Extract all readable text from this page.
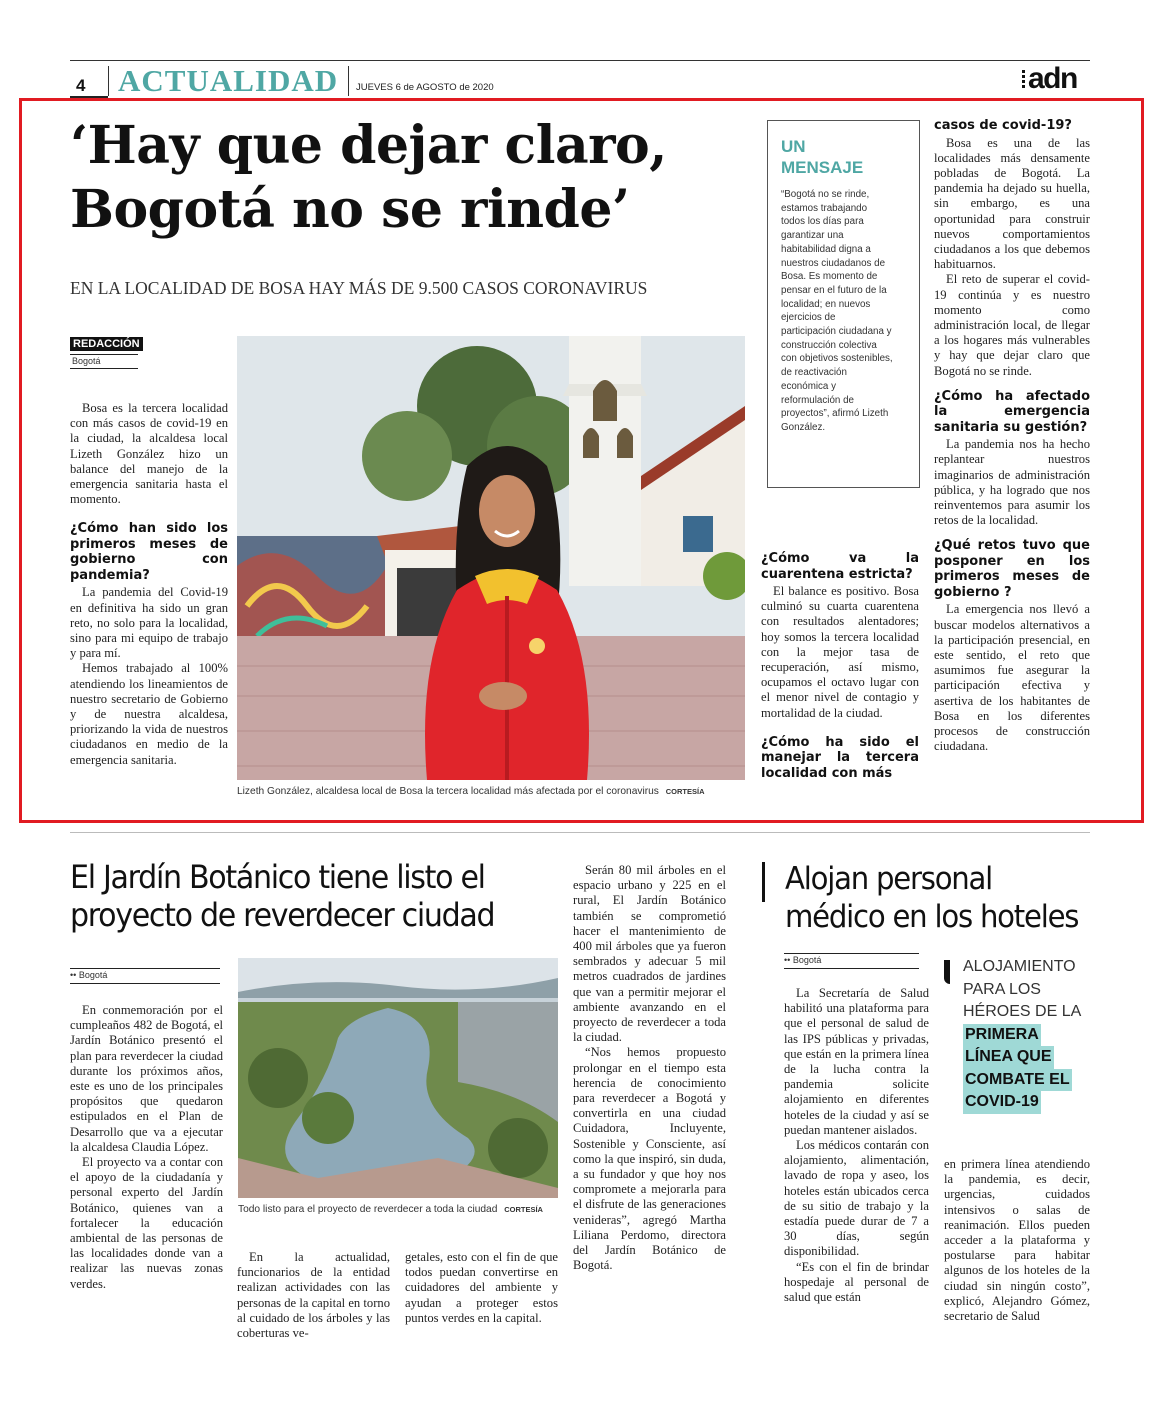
4 ACTUALIDAD JUEVES 6 de AGOSTO de 2020	adn
‘Hay que dejar claro,
Bogotá no se rinde’
EN LA LOCALIDAD DE BOSA HAY MÁS DE 9.500 CASOS CORONAVIRUS
REDACCIÓN
Bogotá

Bosa es la tercera localidad con más casos de covid-19 en la ciudad, la alcaldesa local Lizeth González hizo un balance del manejo de la emergencia sanitaria hasta el momento.

¿Cómo han sido los primeros meses de gobierno con pandemia?

La pandemia del Covid-19 en definitiva ha sido un gran reto, no solo para la localidad, sino para mi equipo de trabajo y para mí.

Hemos trabajado al 100% atendiendo los lineamientos de nuestro secretario de Gobierno y de nuestra alcaldesa, priorizando la vida de nuestros ciudadanos en medio de la emergencia sanitaria.

Lizeth González, alcaldesa local de Bosa la tercera localidad más afectada por el coronavirus CORTESÍA
UN
MENSAJE
“Bogotá no se rinde, estamos trabajando todos los días para garantizar una habitabilidad digna a nuestros ciudadanos de Bosa. Es momento de pensar en el futuro de la localidad; en nuevos ejercicios de participación ciudadana y construcción colectiva con objetivos sostenibles, de reactivación económica y reformulación de proyectos”, afirmó Lizeth González.
¿Cómo va la cuarentena estricta?

El balance es positivo. Bosa culminó su cuarta cuarentena con resultados alentadores; hoy somos la tercera localidad con la mejor tasa de recuperación, así mismo, ocupamos el octavo lugar con el menor nivel de contagio y mortalidad de la ciudad.

¿Cómo ha sido el manejar la tercera localidad con más
casos de covid-19?

Bosa es una de las localidades más densamente pobladas de Bogotá. La pandemia ha dejado su huella, sin embargo, es una oportunidad para construir nuevos comportamientos ciudadanos a los que debemos habituarnos.

El reto de superar el covid-19 continúa y es nuestro momento como administración local, de llegar a los hogares más vulnerables y hay que dejar claro que Bogotá no se rinde.

¿Cómo ha afectado la emergencia sanitaria su gestión?

La pandemia nos ha hecho replantear nuestros imaginarios de administración pública, y ha logrado que nos reinventemos para asumir los retos de la localidad.

¿Qué retos tuvo que posponer en los primeros meses de gobierno ?

La emergencia nos llevó a buscar modelos alternativos a la participación presencial, en este sentido, el reto que asumimos fue asegurar la participación efectiva y asertiva de los habitantes de Bosa en los diferentes procesos de construcción ciudadana.

El Jardín Botánico tiene listo el
proyecto de reverdecer ciudad
•• Bogotá

En conmemoración por el cumpleaños 482 de Bogotá, el Jardín Botánico presentó el plan para reverdecer la ciudad durante los próximos años, este es uno de los principales propósitos que quedaron estipulados en el Plan de Desarrollo que va a ejecutar la alcaldesa Claudia López.

El proyecto va a contar con el apoyo de la ciudadanía y personal experto del Jardín Botánico, quienes van a fortalecer la educación ambiental de las personas de las localidades donde van a realizar las nuevas zonas verdes.

Todo listo para el proyecto de reverdecer a toda la ciudad CORTESÍA

En la actualidad, funcionarios de la entidad realizan actividades con las personas de la capital en torno al cuidado de los árboles y las coberturas ve-

getales, esto con el fin de que todos puedan convertirse en cuidadores del ambiente y ayudan a proteger estos puntos verdes en la capital.

Serán 80 mil árboles en el espacio urbano y 225 en el rural, El Jardín Botánico también se comprometió hacer el mantenimiento de 400 mil árboles que ya fueron sembrados y adecuar 5 mil metros cuadrados de jardines que van a permitir mejorar el ambiente avanzando en el proyecto de reverdecer a toda la ciudad.

“Nos hemos propuesto prolongar en el tiempo esta herencia de conocimiento para reverdecer a Bogotá y convertirla en una ciudad Cuidadora, Incluyente, Sostenible y Consciente, así como la que inspiró, sin duda, a su fundador y que hoy nos compromete a mejorarla para el disfrute de las generaciones venideras”, agregó Martha Liliana Perdomo, directora del Jardín Botánico de Bogotá.

Alojan personal
médico en los hoteles
•• Bogotá

La Secretaría de Salud habilitó una plataforma para que el personal de salud de las IPS públicas y privadas, que están en la primera línea de la lucha contra la pandemia solicite alojamiento en diferentes hoteles de la ciudad y así se puedan mantener aislados.

Los médicos contarán con alojamiento, alimentación, lavado de ropa y aseo, los hoteles están ubicados cerca de su sitio de trabajo y la estadía puede durar de 7 a 30 días, según disponibilidad.

“Es con el fin de brindar hospedaje al personal de salud que están

ALOJAMIENTO
PARA LOS
HÉROES DE LA
PRIMERA
LÍNEA QUE
COMBATE EL
COVID-19

en primera línea atendiendo la pandemia, es decir, urgencias, cuidados intensivos o salas de reanimación. Ellos pueden acceder a la plataforma y postularse para habitar algunos de los hoteles de la ciudad sin ningún costo”, explicó, Alejandro Gómez, secretario de Salud
